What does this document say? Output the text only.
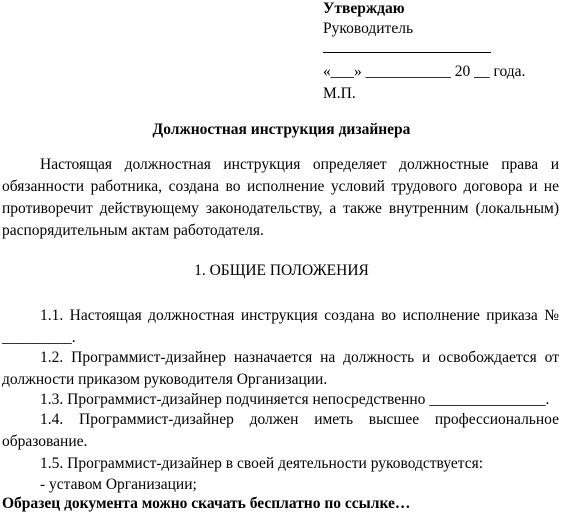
Утверждаю
Руководитель
«___» ___________ 20 __ года.
М.П.
Должностная инструкция дизайнера
Настоящая должностная инструкция определяет должностные права и обязанности работника, создана во исполнение условий трудового договора и не противоречит действующему законодательству, а также внутренним (локальным) распорядительным актам работодателя.
1. ОБЩИЕ ПОЛОЖЕНИЯ
1.1. Настоящая должностная инструкция создана во исполнение приказа № _________.
1.2. Программист-дизайнер назначается на должность и освобождается от должности приказом руководителя Организации.
1.3. Программист-дизайнер подчиняется непосредственно _______________.
1.4. Программист-дизайнер должен иметь высшее профессиональное образование.
1.5. Программист-дизайнер в своей деятельности руководствуется:
- уставом Организации;
Образец документа можно скачать бесплатно по ссылке…
